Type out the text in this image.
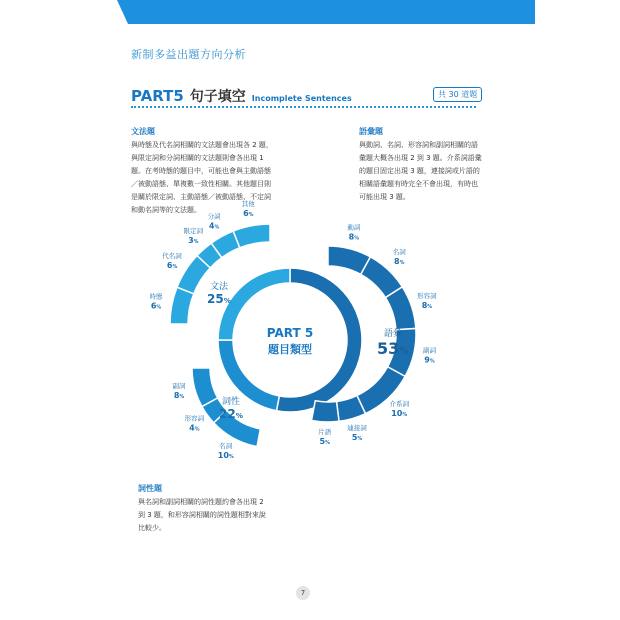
新制多益出題方向分析
PART5 句子填空 Incomplete Sentences	共 30 道題
文法題
與時態及代名詞相關的文法題會出現各 2 題，
與限定詞和分詞相關的文法題則會各出現 1
題。在考時態的題目中，可能也會與主動語態
／被動語態、單複數一致性相關。其他題目則
是關於限定詞、主動語態／被動語態、不定詞
和動名詞等的文法題。
語彙題
與動詞、名詞、形容詞和副詞相關的語
彙題大概各出現 2 到 3 題。介系詞語彙
的題目固定出現 3 題，連接詞或片語的
相關語彙題有時完全不會出現，有時也
可能出現 3 題。
PART 5
題目類型
動詞
8%
名詞
8%
形容詞
8%
副詞
9%
介系詞
10%
連接詞
5%
片語
5%
語彙
53%
名詞
10%
形容詞
4%
副詞
8%	詞性
22%
時態
6%
代名詞
6%
限定詞
3%
分詞
4%
其他
6%
文法
25%
詞性題
與名詞和副詞相關的詞性題約會各出現 2
到 3 題，和形容詞相關的詞性題相對來說
比較少。
7
